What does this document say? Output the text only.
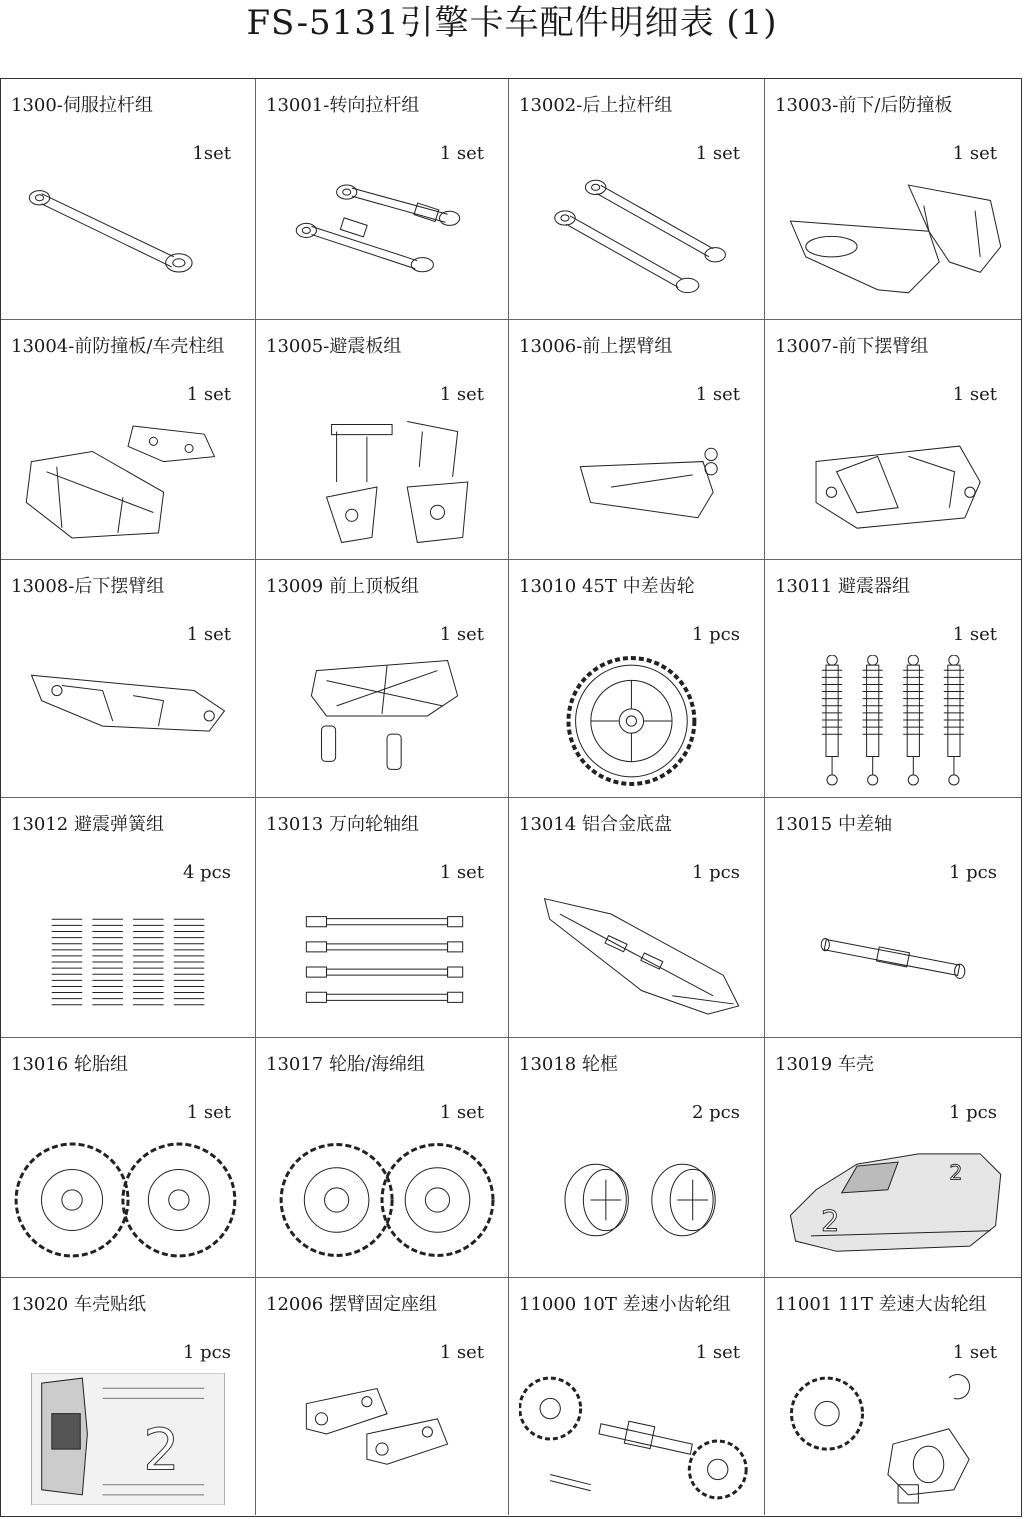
FS-5131引擎卡车配件明细表 (1)
1300-伺服拉杆组
1set
13001-转向拉杆组
1 set
13002-后上拉杆组
1 set
13003-前下/后防撞板
1 set
13004-前防撞板/车壳柱组
1 set
13005-避震板组
1 set
13006-前上摆臂组
1 set
13007-前下摆臂组
1 set
13008-后下摆臂组
1 set
13009 前上顶板组
1 set
13010 45T 中差齿轮
1 pcs
13011 避震器组
1 set
13012 避震弹簧组
4 pcs
13013 万向轮轴组
1 set
13014 铝合金底盘
1 pcs
13015 中差轴
1 pcs
13016 轮胎组
1 set
13017 轮胎/海绵组
1 set
13018 轮框
2 pcs
13019 车壳
1 pcs
2
2
13020 车壳贴纸
1 pcs
2
12006 摆臂固定座组
1 set
11000 10T 差速小齿轮组
1 set
11001 11T 差速大齿轮组
1 set
